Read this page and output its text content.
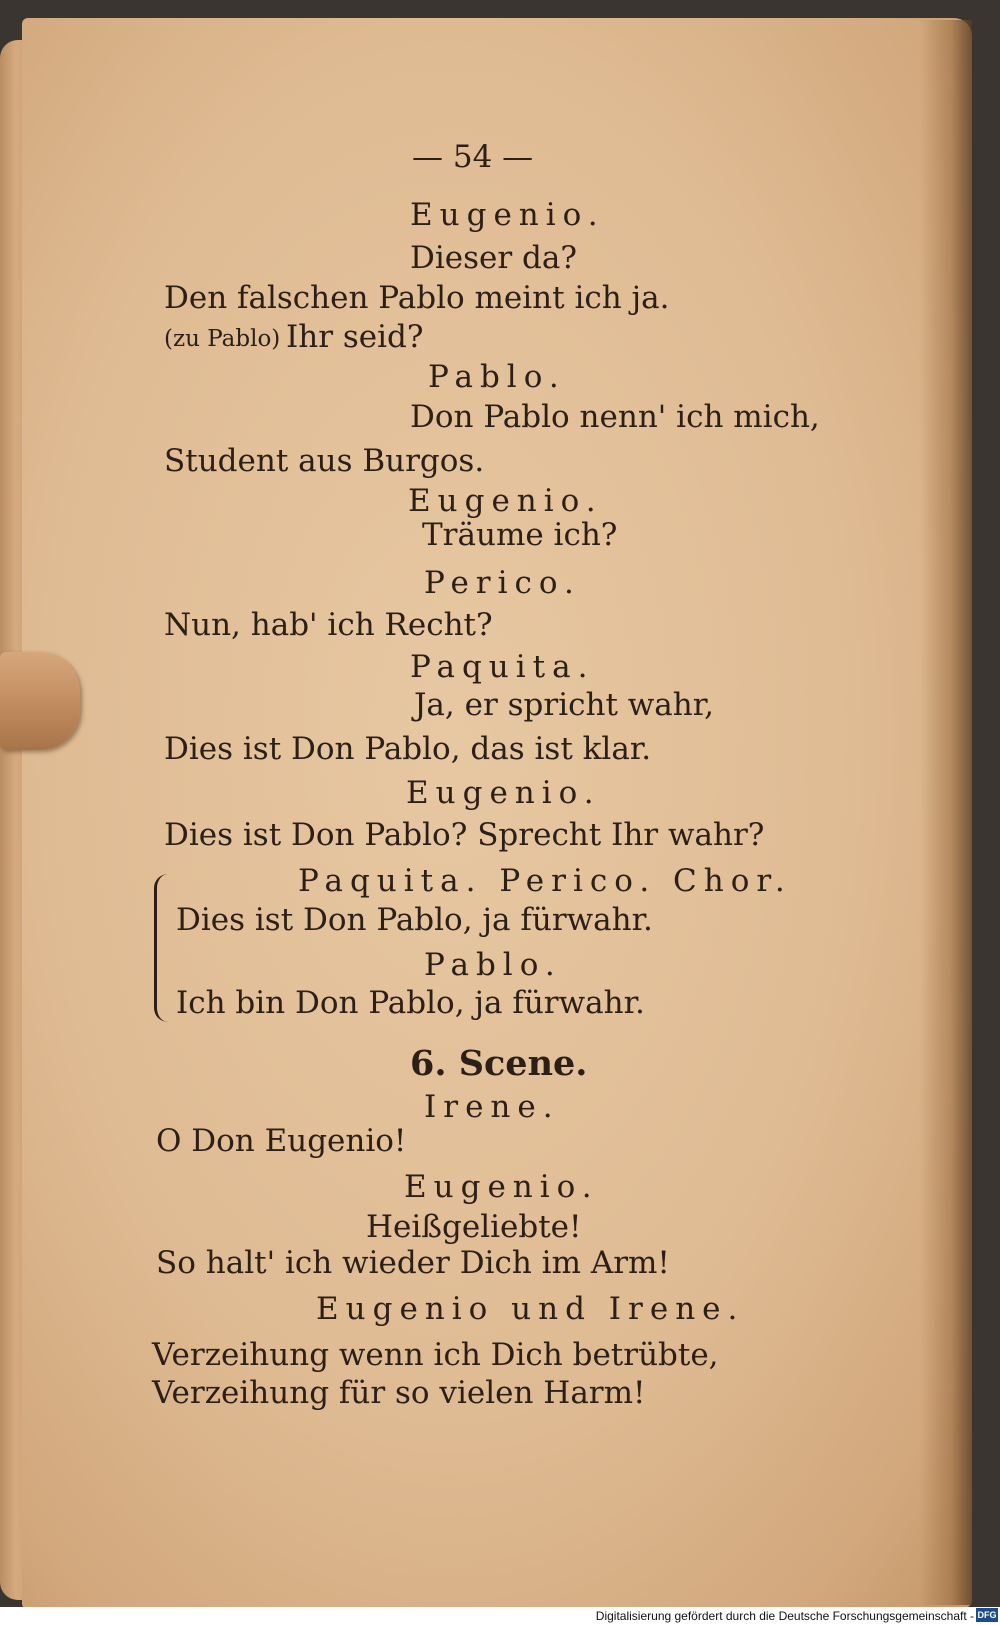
— 54 —
Eugenio.
Dieser da?
Den falschen Pablo meint ich ja.
(zu Pablo) Ihr seid?
Pablo.
Don Pablo nenn' ich mich,
Student aus Burgos.
Eugenio.
Träume ich?
Perico.
Nun, hab' ich Recht?
Paquita.
Ja, er spricht wahr,
Dies ist Don Pablo, das ist klar.
Eugenio.
Dies ist Don Pablo? Sprecht Ihr wahr?
Paquita. Perico. Chor.
Dies ist Don Pablo, ja fürwahr.
Pablo.
Ich bin Don Pablo, ja fürwahr.
6. Scene.
Irene.
O Don Eugenio!
Eugenio.
Heißgeliebte!
So halt' ich wieder Dich im Arm!
Eugenio und Irene.
Verzeihung wenn ich Dich betrübte,
Verzeihung für so vielen Harm!
Digitalisierung gefördert durch die Deutsche Forschungsgemeinschaft - DFG
